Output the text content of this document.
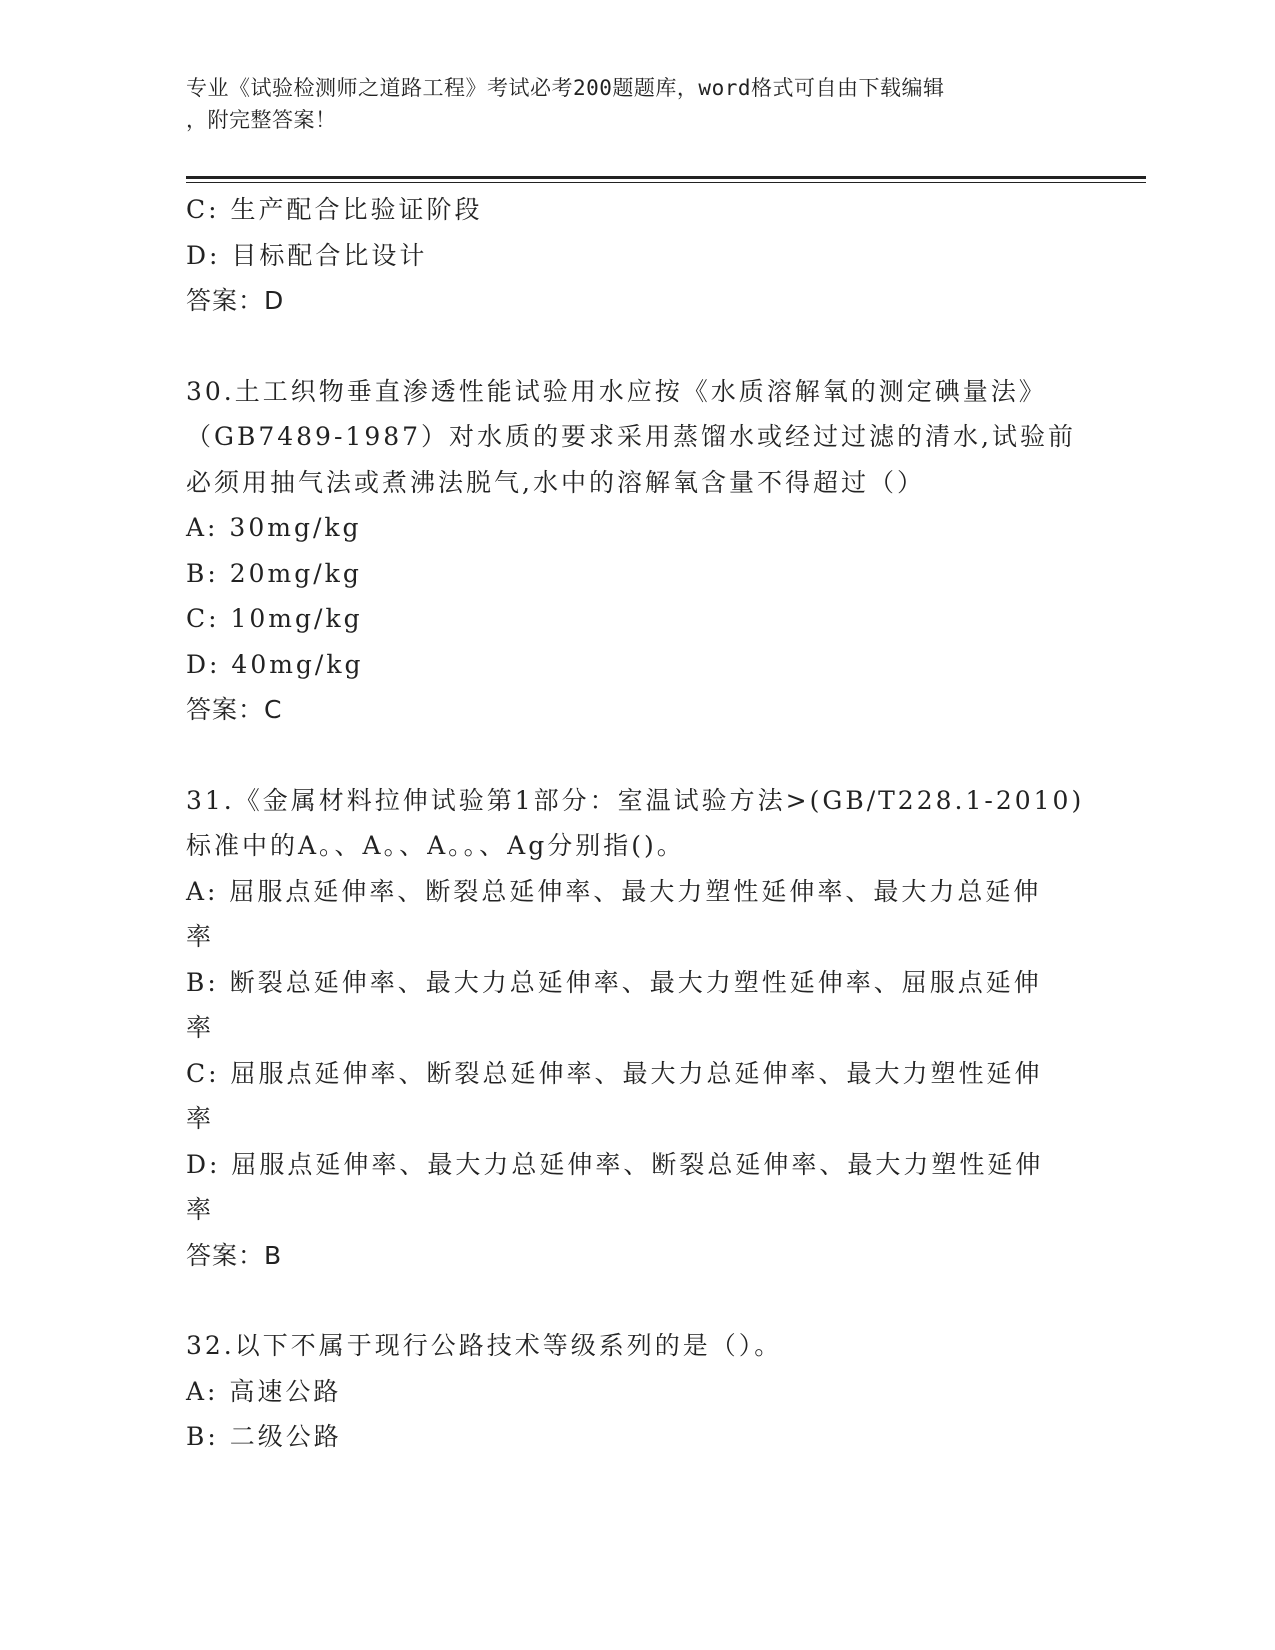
专业《试验检测师之道路工程》考试必考200题题库，word格式可自由下载编辑
，附完整答案！
C: 生产配合比验证阶段
D: 目标配合比设计
答案：D
30.土工织物垂直渗透性能试验用水应按《水质溶解氧的测定碘量法》
（GB7489-1987）对水质的要求采用蒸馏水或经过过滤的清水,试验前
必须用抽气法或煮沸法脱气,水中的溶解氧含量不得超过（）
A: 30mg/kg
B: 20mg/kg
C: 10mg/kg
D: 40mg/kg
答案：C
31.《金属材料拉伸试验第1部分：室温试验方法>(GB/T228.1-2010)
标准中的A。、A。、A。。、Ag分别指()。
A: 屈服点延伸率、断裂总延伸率、最大力塑性延伸率、最大力总延伸
率
B: 断裂总延伸率、最大力总延伸率、最大力塑性延伸率、屈服点延伸
率
C: 屈服点延伸率、断裂总延伸率、最大力总延伸率、最大力塑性延伸
率
D: 屈服点延伸率、最大力总延伸率、断裂总延伸率、最大力塑性延伸
率
答案：B
32.以下不属于现行公路技术等级系列的是（）。
A: 高速公路
B: 二级公路
